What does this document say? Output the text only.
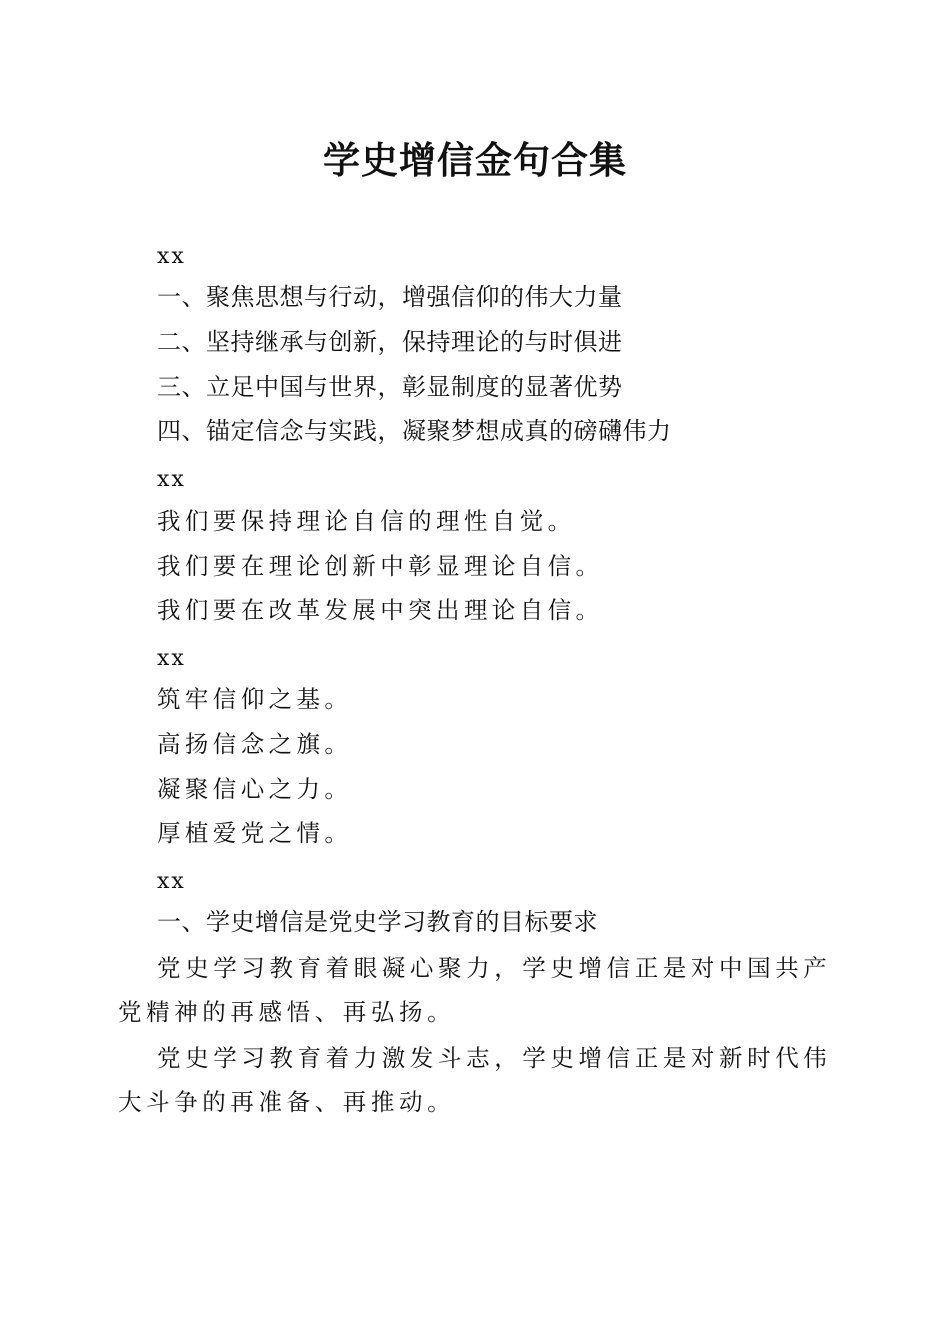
学史增信金句合集
xx
一、聚焦思想与行动，增强信仰的伟大力量
二、坚持继承与创新，保持理论的与时俱进
三、立足中国与世界，彰显制度的显著优势
四、锚定信念与实践，凝聚梦想成真的磅礴伟力
xx
我们要保持理论自信的理性自觉。
我们要在理论创新中彰显理论自信。
我们要在改革发展中突出理论自信。
xx
筑牢信仰之基。
高扬信念之旗。
凝聚信心之力。
厚植爱党之情。
xx
一、学史增信是党史学习教育的目标要求
党史学习教育着眼凝心聚力，学史增信正是对中国共产党精神的再感悟、再弘扬。
党史学习教育着力激发斗志，学史增信正是对新时代伟大斗争的再准备、再推动。
